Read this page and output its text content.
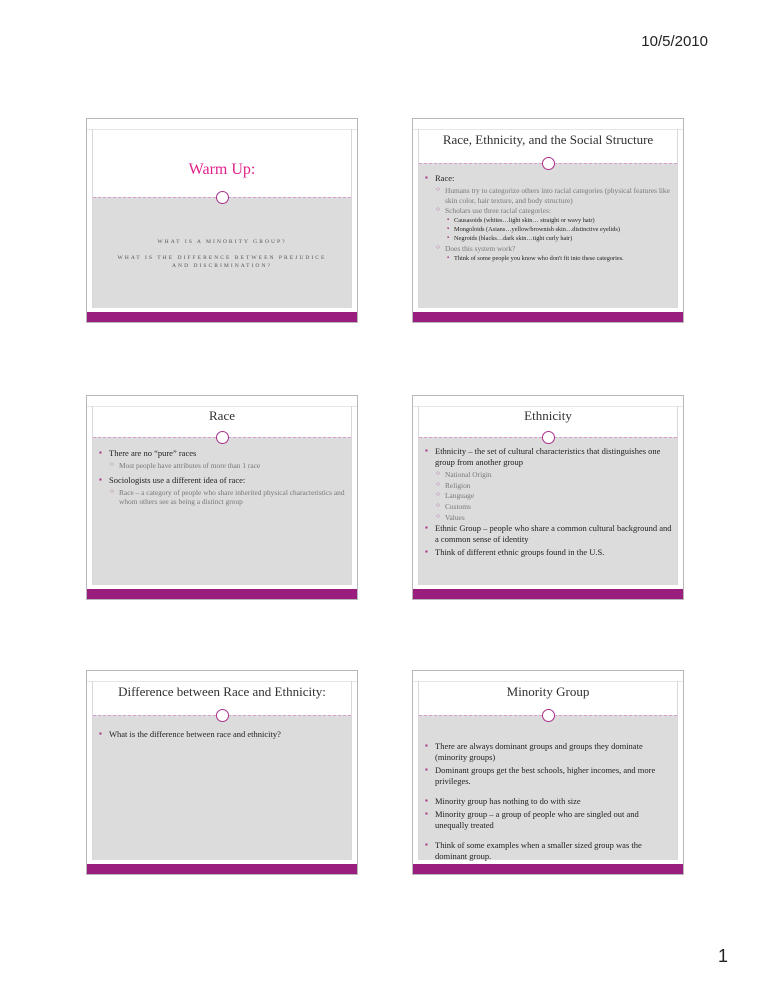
10/5/2010
Warm Up:
WHAT IS A MINORITY GROUP?
WHAT IS THE DIFFERENCE BETWEEN PREJUDICE AND DISCRIMINATION?
Race, Ethnicity, and the Social Structure
▪ Race:
○ Humans try to categorize others into racial categories (physical features like skin color, hair texture, and body structure)
○ Scholars use three racial categories:
▪ Causasoids (whites…light skin… straight or wavy hair)
▪ Mongoloids (Asians…yellow/brownish skin…distinctive eyelids)
▪ Negroids (blacks…dark skin…tight curly hair)
○ Does this system work?
▪ Think of some people you know who don't fit into these categories.
Race
▪ There are no “pure” races
○ Most people have attributes of more than 1 race
▪ Sociologists use a different idea of race:
○ Race – a category of people who share inherited physical characteristics and whom others see as being a distinct group
Ethnicity
▪ Ethnicity – the set of cultural characteristics that distinguishes one group from another group
○ National Origin
○ Religion
○ Language
○ Customs
○ Values
▪ Ethnic Group – people who share a common cultural background and a common sense of identity
▪ Think of different ethnic groups found in the U.S.
Difference between Race and Ethnicity:
▪ What is the difference between race and ethnicity?
Minority Group
▪ There are always dominant groups and groups they dominate (minority groups)
▪ Dominant groups get the best schools, higher incomes, and more privileges.
▪ Minority group has nothing to do with size
▪ Minority group – a group of people who are singled out and unequally treated
▪ Think of some examples when a smaller sized group was the dominant group.
1
